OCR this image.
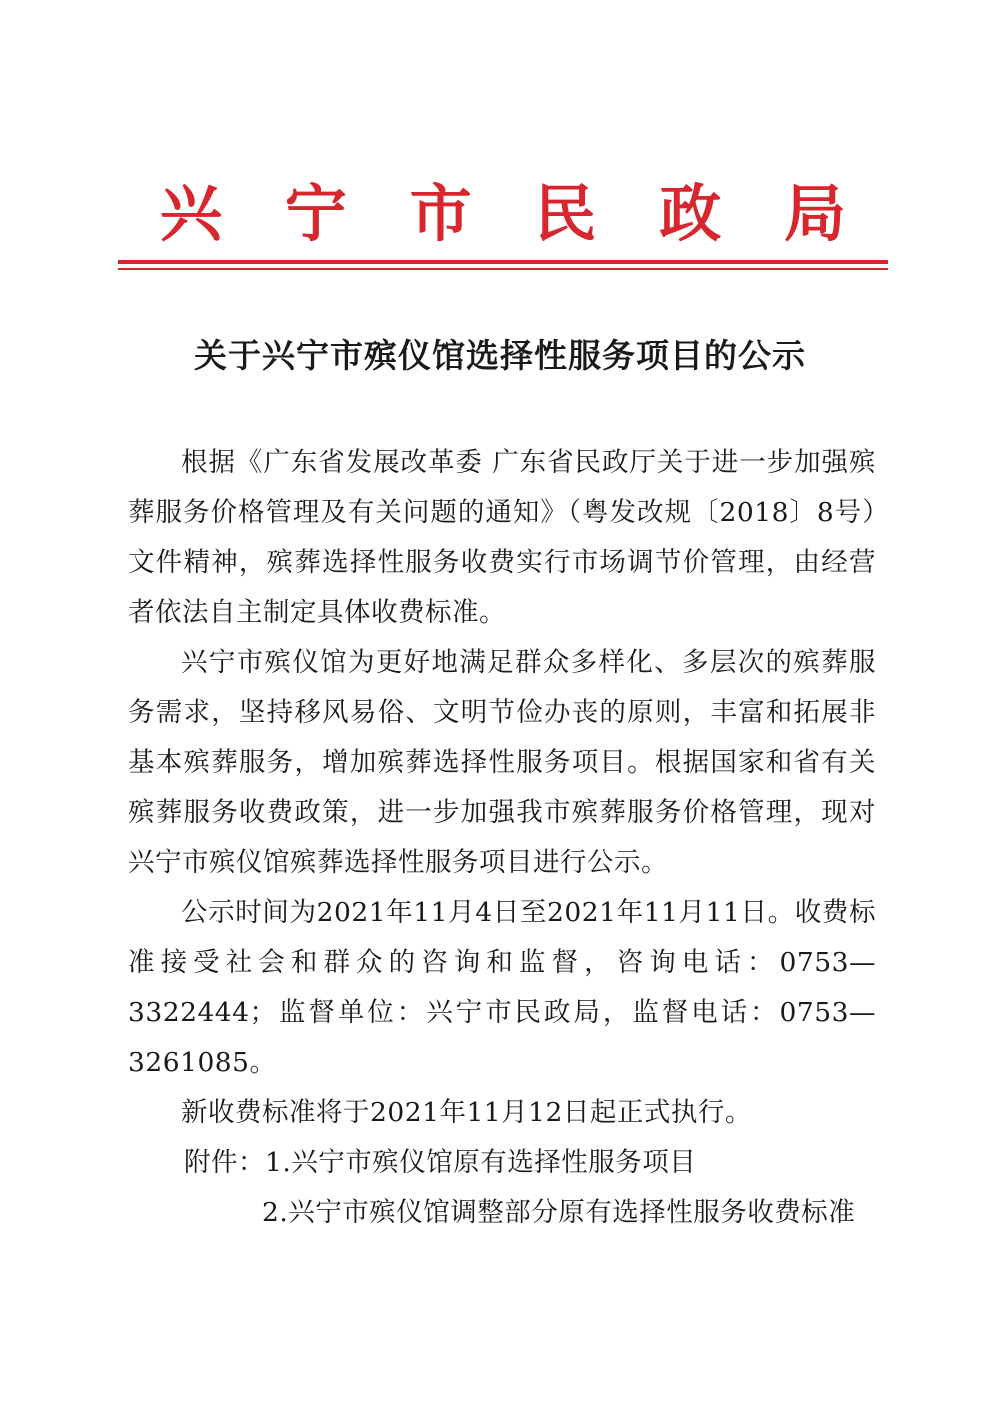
兴 宁 市 民 政 局
关于兴宁市殡仪馆选择性服务项目的公示

根据《广东省发展改革委 广东省民政厅关于进一步加强殡葬服务价格管理及有关问题的通知》（粤发改规〔2018〕8号）文件精神，殡葬选择性服务收费实行市场调节价管理，由经营者依法自主制定具体收费标准。

兴宁市殡仪馆为更好地满足群众多样化、多层次的殡葬服务需求，坚持移风易俗、文明节俭办丧的原则，丰富和拓展非基本殡葬服务，增加殡葬选择性服务项目。根据国家和省有关殡葬服务收费政策，进一步加强我市殡葬服务价格管理，现对兴宁市殡仪馆殡葬选择性服务项目进行公示。

公示时间为2021年11月4日至2021年11月11日。收费标准接受社会和群众的咨询和监督，咨询电话：0753—3322444；监督单位：兴宁市民政局，监督电话：0753—3261085。

新收费标准将于2021年11月12日起正式执行。

附件：1.兴宁市殡仪馆原有选择性服务项目
2.兴宁市殡仪馆调整部分原有选择性服务收费标准
